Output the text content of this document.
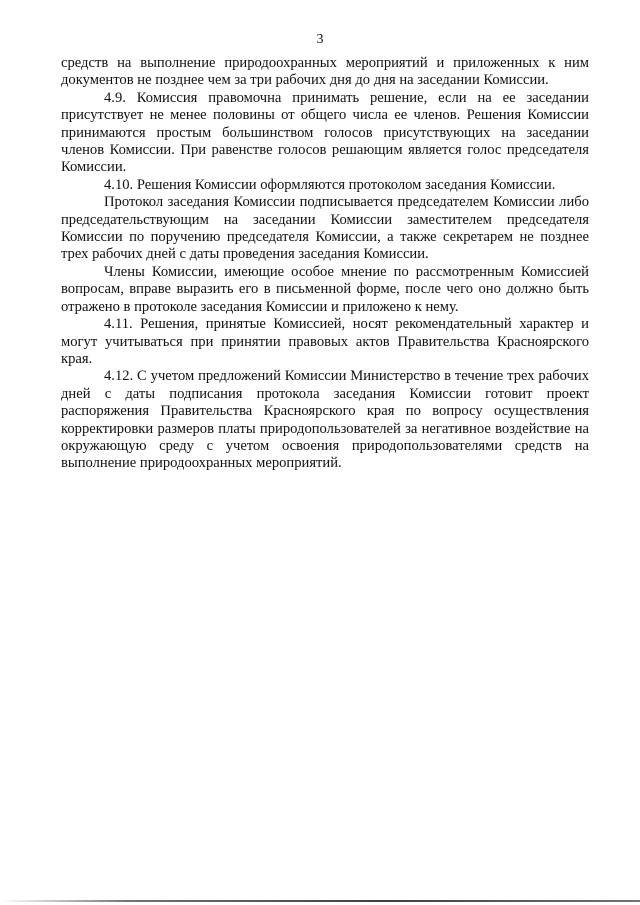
3

средств на выполнение природоохранных мероприятий и приложенных к ним документов не позднее чем за три рабочих дня до дня на заседании Комиссии.

4.9. Комиссия правомочна принимать решение, если на ее заседании присутствует не менее половины от общего числа ее членов. Решения Комиссии принимаются простым большинством голосов присутствующих на заседании членов Комиссии. При равенстве голосов решающим является голос председателя Комиссии.

4.10. Решения Комиссии оформляются протоколом заседания Комиссии.

Протокол заседания Комиссии подписывается председателем Комиссии либо председательствующим на заседании Комиссии заместителем председателя Комиссии по поручению председателя Комиссии, а также секретарем не позднее трех рабочих дней с даты проведения заседания Комиссии.

Члены Комиссии, имеющие особое мнение по рассмотренным Комиссией вопросам, вправе выразить его в письменной форме, после чего оно должно быть отражено в протоколе заседания Комиссии и приложено к нему.

4.11. Решения, принятые Комиссией, носят рекомендательный характер и могут учитываться при принятии правовых актов Правительства Красноярского края.

4.12. С учетом предложений Комиссии Министерство в течение трех рабочих дней с даты подписания протокола заседания Комиссии готовит проект распоряжения Правительства Красноярского края по вопросу осуществления корректировки размеров платы природопользователей за негативное воздействие на окружающую среду с учетом освоения природопользователями средств на выполнение природоохранных мероприятий.
